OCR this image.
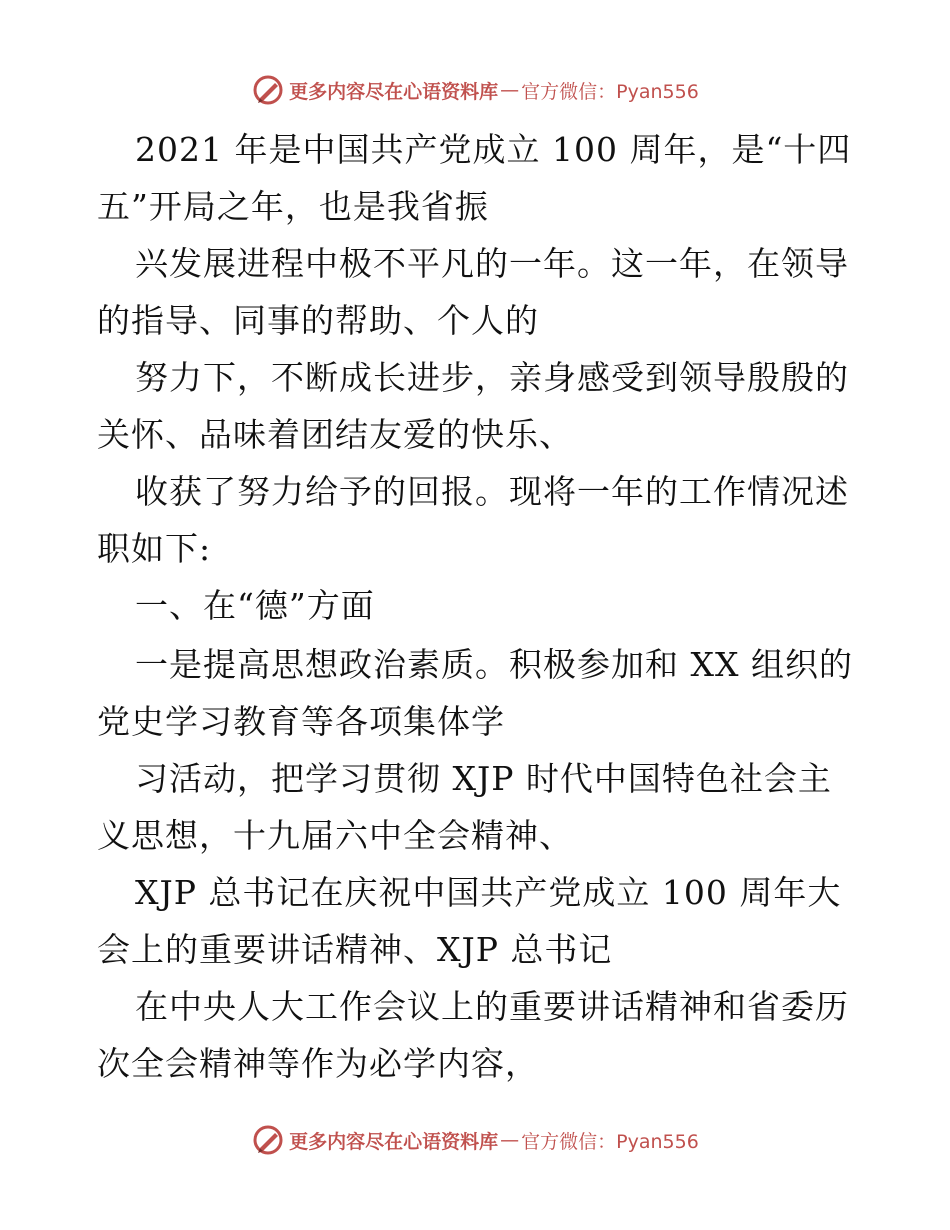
更多内容尽在心语资料库 — 官方微信：Pyan556
2021 年是中国共产党成立 100 周年，是“十四
五”开局之年，也是我省振
兴发展进程中极不平凡的一年。这一年，在领导
的指导、同事的帮助、个人的
努力下，不断成长进步，亲身感受到领导殷殷的
关怀、品味着团结友爱的快乐、
收获了努力给予的回报。现将一年的工作情况述
职如下:
一、在“德”方面
一是提高思想政治素质。积极参加和 XX 组织的
党史学习教育等各项集体学
习活动，把学习贯彻 XJP 时代中国特色社会主
义思想，十九届六中全会精神、
XJP 总书记在庆祝中国共产党成立 100 周年大
会上的重要讲话精神、XJP 总书记
在中央人大工作会议上的重要讲话精神和省委历
次全会精神等作为必学内容，
更多内容尽在心语资料库 — 官方微信：Pyan556
